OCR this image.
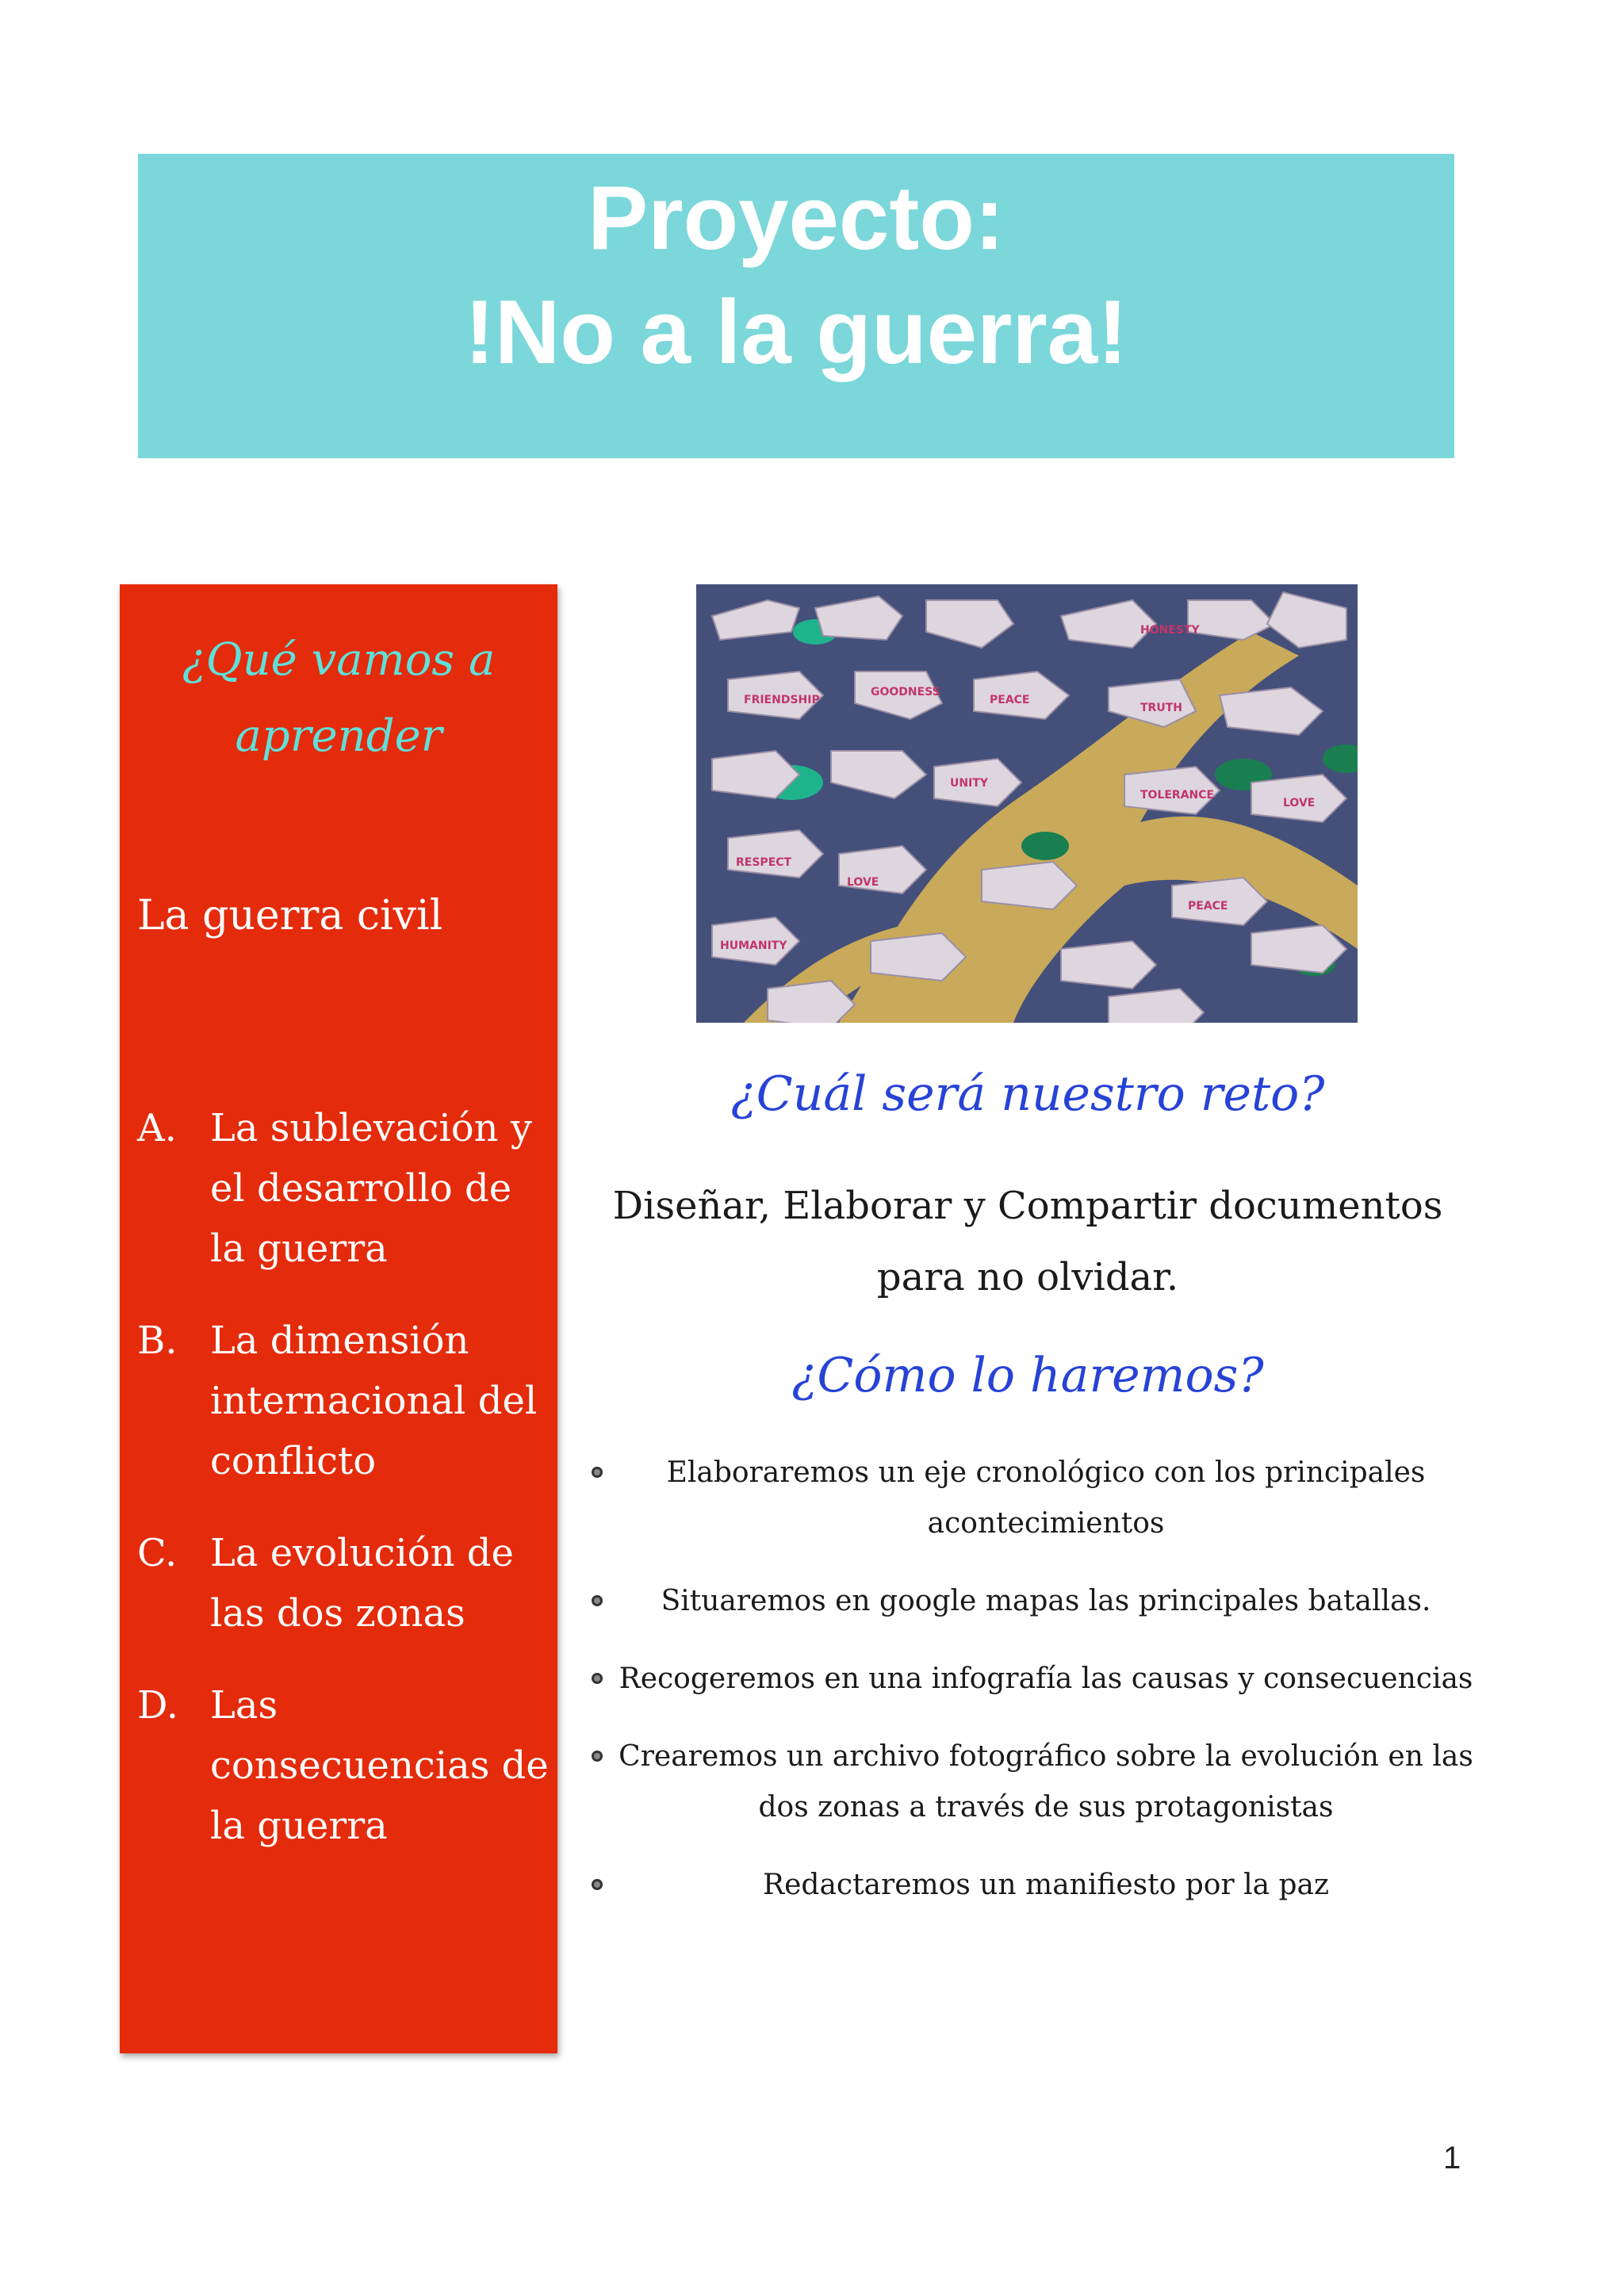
Proyecto:
!No a la guerra!
¿Qué vamos a aprender
La guerra civil
A. La sublevación y el desarrollo de la guerra
B. La dimensión internacional del conflicto
C. La evolución de las dos zonas
D. Las consecuencias de la guerra
HONESTY
GOODNESS
PEACE
TRUTH
UNITY
LOVE
RESPECT
FRIENDSHIP
PEACE
HUMANITY
TOLERANCE
LOVE
¿Cuál será nuestro reto?
Diseñar, Elaborar y Compartir documentos para no olvidar.
¿Cómo lo haremos?
Elaboraremos un eje cronológico con los principales acontecimientos
Situaremos en google mapas las principales batallas.
Recogeremos en una infografía las causas y consecuencias
Crearemos un archivo fotográfico sobre la evolución en las dos zonas a través de sus protagonistas
Redactaremos un manifiesto por la paz
1
